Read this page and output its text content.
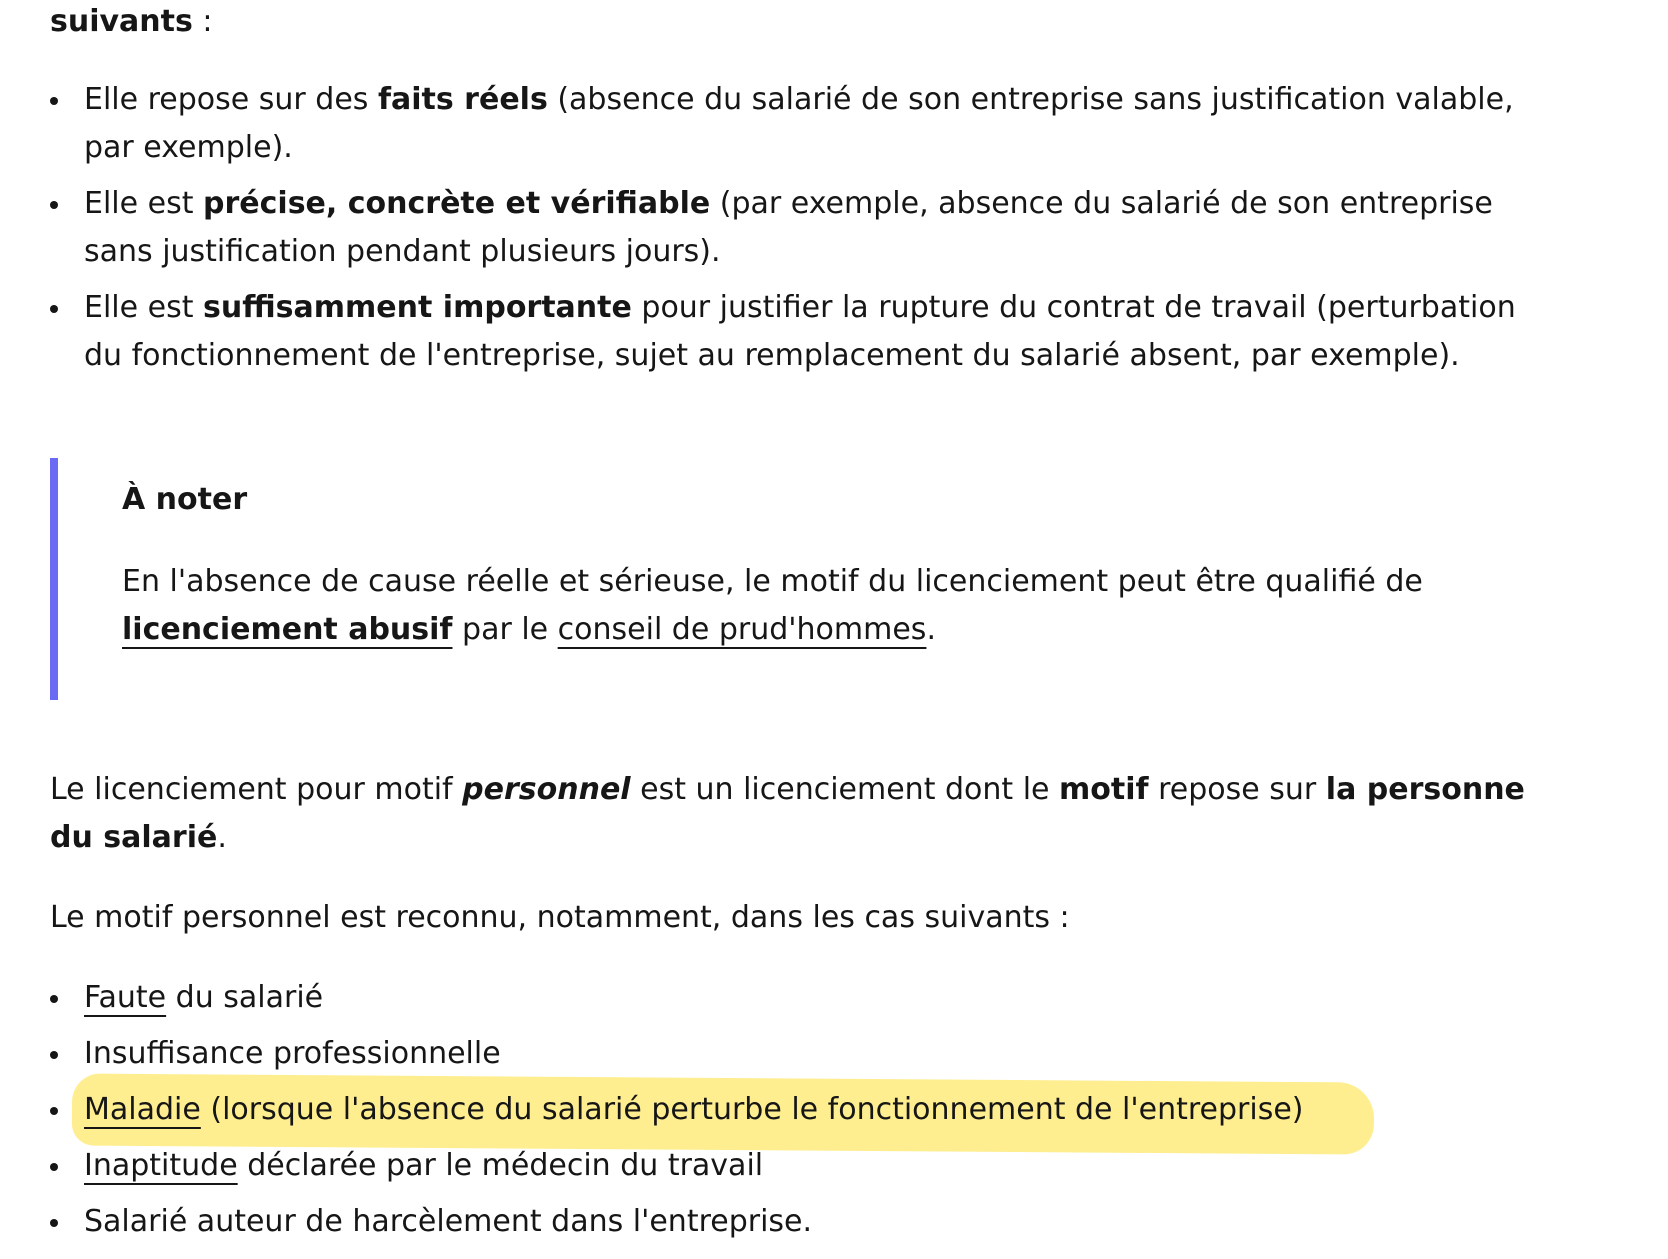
suivants :

Elle repose sur des faits réels (absence du salarié de son entreprise sans justification valable, par exemple).
Elle est précise, concrète et vérifiable (par exemple, absence du salarié de son entreprise sans justification pendant plusieurs jours).
Elle est suffisamment importante pour justifier la rupture du contrat de travail (perturbation du fonctionnement de l'entreprise, sujet au remplacement du salarié absent, par exemple).
À noter
En l'absence de cause réelle et sérieuse, le motif du licenciement peut être qualifié de licenciement abusif par le conseil de prud'hommes.

Le licenciement pour motif personnel est un licenciement dont le motif repose sur la personne du salarié.

Le motif personnel est reconnu, notamment, dans les cas suivants :

Faute du salarié
Insuffisance professionnelle
Maladie (lorsque l'absence du salarié perturbe le fonctionnement de l'entreprise)
Inaptitude déclarée par le médecin du travail
Salarié auteur de harcèlement dans l'entreprise.
